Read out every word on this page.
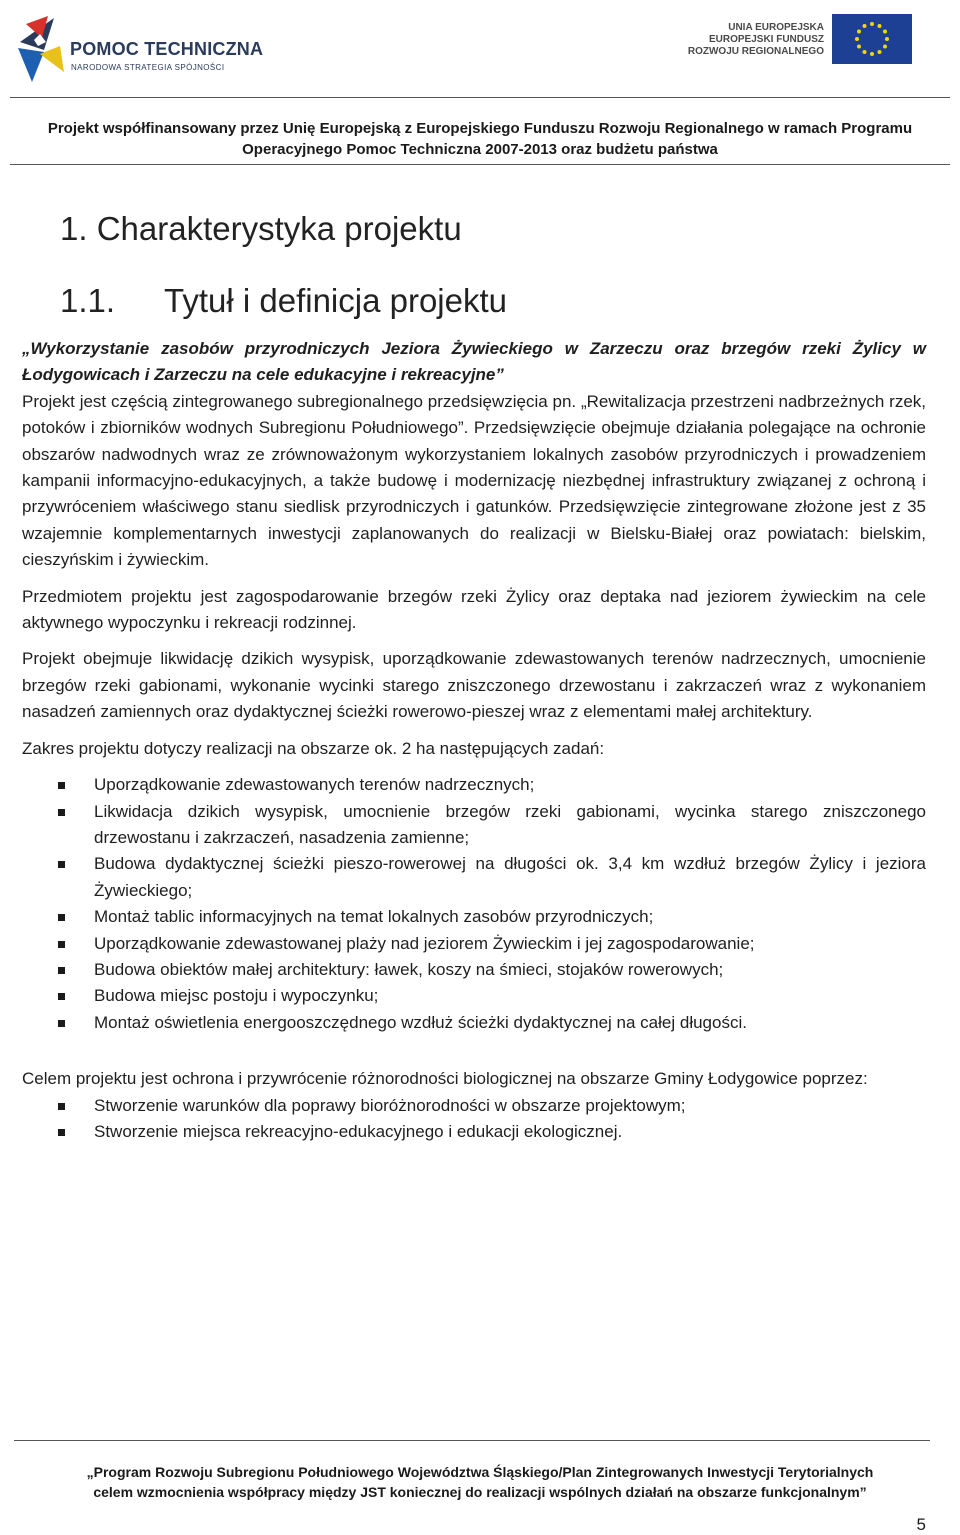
POMOC TECHNICZNA
NARODOWA STRATEGIA SPÓJNOŚCI
UNIA EUROPEJSKA
EUROPEJSKI FUNDUSZ
ROZWOJU REGIONALNEGO
Projekt współfinansowany przez Unię Europejską z Europejskiego Funduszu Rozwoju Regionalnego w ramach Programu
Operacyjnego Pomoc Techniczna 2007-2013 oraz budżetu państwa
1. Charakterystyka projektu
1.1. Tytuł i definicja projektu

„Wykorzystanie zasobów przyrodniczych Jeziora Żywieckiego w Zarzeczu oraz brzegów rzeki Żylicy w Łodygowicach i Zarzeczu na cele edukacyjne i rekreacyjne”

Projekt jest częścią zintegrowanego subregionalnego przedsięwzięcia pn. „Rewitalizacja przestrzeni nadbrzeżnych rzek, potoków i zbiorników wodnych Subregionu Południowego”. Przedsięwzięcie obejmuje działania polegające na ochronie obszarów nadwodnych wraz ze zrównoważonym wykorzystaniem lokalnych zasobów przyrodniczych i prowadzeniem kampanii informacyjno-edukacyjnych, a także budowę i modernizację niezbędnej infrastruktury związanej z ochroną i przywróceniem właściwego stanu siedlisk przyrodniczych i gatunków. Przedsięwzięcie zintegrowane złożone jest z 35 wzajemnie komplementarnych inwestycji zaplanowanych do realizacji w Bielsku-Białej oraz powiatach: bielskim, cieszyńskim i żywieckim.

Przedmiotem projektu jest zagospodarowanie brzegów rzeki Żylicy oraz deptaka nad jeziorem żywieckim na cele aktywnego wypoczynku i rekreacji rodzinnej.

Projekt obejmuje likwidację dzikich wysypisk, uporządkowanie zdewastowanych terenów nadrzecznych, umocnienie brzegów rzeki gabionami, wykonanie wycinki starego zniszczonego drzewostanu i zakrzaczeń wraz z wykonaniem nasadzeń zamiennych oraz dydaktycznej ścieżki rowerowo-pieszej wraz z elementami małej architektury.

Zakres projektu dotyczy realizacji na obszarze ok. 2 ha następujących zadań:

Uporządkowanie zdewastowanych terenów nadrzecznych;
Likwidacja dzikich wysypisk, umocnienie brzegów rzeki gabionami, wycinka starego zniszczonego drzewostanu i zakrzaczeń, nasadzenia zamienne;
Budowa dydaktycznej ścieżki pieszo-rowerowej na długości ok. 3,4 km wzdłuż brzegów Żylicy i jeziora Żywieckiego;
Montaż tablic informacyjnych na temat lokalnych zasobów przyrodniczych;
Uporządkowanie zdewastowanej plaży nad jeziorem Żywieckim i jej zagospodarowanie;
Budowa obiektów małej architektury: ławek, koszy na śmieci, stojaków rowerowych;
Budowa miejsc postoju i wypoczynku;
Montaż oświetlenia energooszczędnego wzdłuż ścieżki dydaktycznej na całej długości.

Celem projektu jest ochrona i przywrócenie różnorodności biologicznej na obszarze Gminy Łodygowice poprzez:

Stworzenie warunków dla poprawy bioróżnorodności w obszarze projektowym;
Stworzenie miejsca rekreacyjno-edukacyjnego i edukacji ekologicznej.
„Program Rozwoju Subregionu Południowego Województwa Śląskiego/Plan Zintegrowanych Inwestycji Terytorialnych
celem wzmocnienia współpracy między JST koniecznej do realizacji wspólnych działań na obszarze funkcjonalnym”
5
